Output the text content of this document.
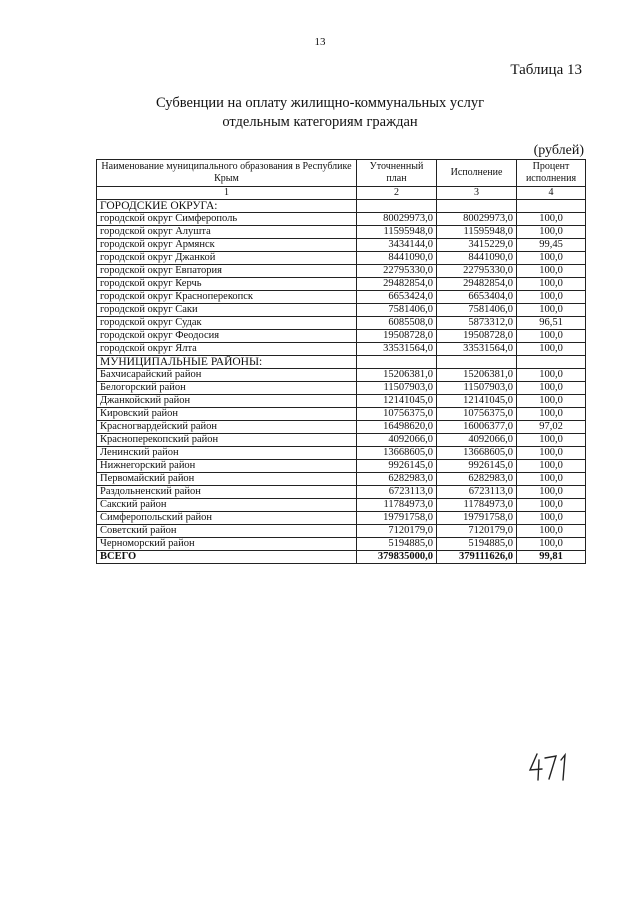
13
Таблица 13
Субвенции на оплату жилищно-коммунальных услуг
отдельным категориям граждан
(рублей)
Наименование муниципального образования в Республике Крым	Уточненный план	Исполнение	Процент исполнения
1	2	3	4
ГОРОДСКИЕ ОКРУГА:			
городской округ Симферополь	80029973,0	80029973,0	100,0
городской округ Алушта	11595948,0	11595948,0	100,0
городской округ Армянск	3434144,0	3415229,0	99,45
городской округ Джанкой	8441090,0	8441090,0	100,0
городской округ Евпатория	22795330,0	22795330,0	100,0
городской округ Керчь	29482854,0	29482854,0	100,0
городской округ Красноперекопск	6653424,0	6653404,0	100,0
городской округ Саки	7581406,0	7581406,0	100,0
городской округ Судак	6085508,0	5873312,0	96,51
городской округ Феодосия	19508728,0	19508728,0	100,0
городской округ Ялта	33531564,0	33531564,0	100,0
МУНИЦИПАЛЬНЫЕ РАЙОНЫ:			
Бахчисарайский район	15206381,0	15206381,0	100,0
Белогорский район	11507903,0	11507903,0	100,0
Джанкойский район	12141045,0	12141045,0	100,0
Кировский район	10756375,0	10756375,0	100,0
Красногвардейский район	16498620,0	16006377,0	97,02
Красноперекопский район	4092066,0	4092066,0	100,0
Ленинский район	13668605,0	13668605,0	100,0
Нижнегорский район	9926145,0	9926145,0	100,0
Первомайский район	6282983,0	6282983,0	100,0
Раздольненский район	6723113,0	6723113,0	100,0
Сакский район	11784973,0	11784973,0	100,0
Симферопольский район	19791758,0	19791758,0	100,0
Советский район	7120179,0	7120179,0	100,0
Черноморский район	5194885,0	5194885,0	100,0
ВСЕГО	379835000,0	379111626,0	99,81
